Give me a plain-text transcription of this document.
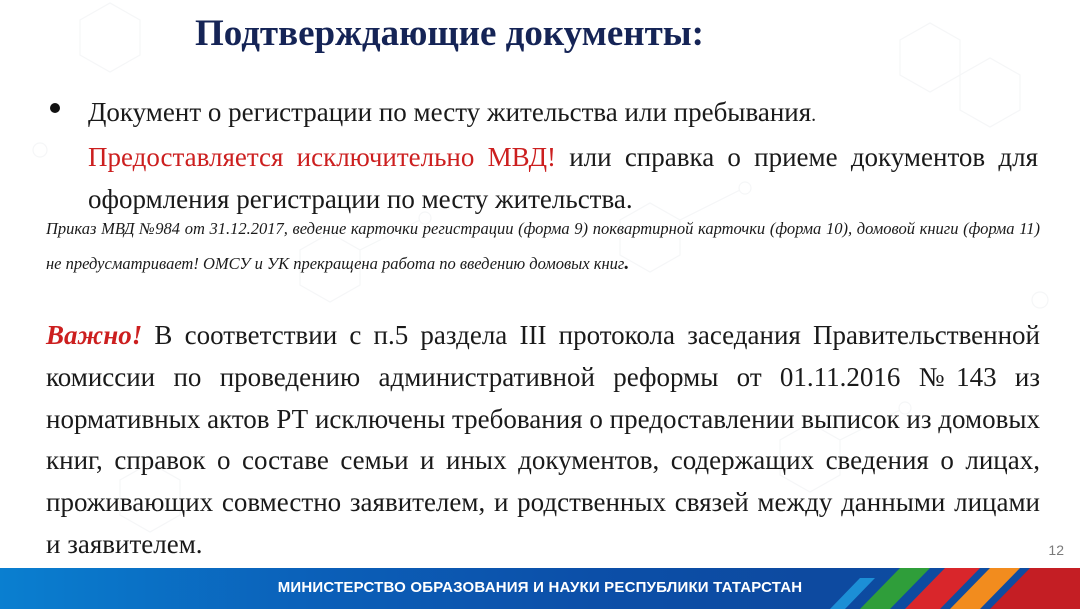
Подтверждающие документы:

Документ о регистрации по месту жительства или пребывания.
Предоставляется исключительно МВД! или справка о приеме документов для оформления регистрации по месту жительства.

Приказ МВД №984 от 31.12.2017, ведение карточки регистрации (форма 9) поквартирной карточки (форма 10), домовой книги (форма 11) не предусматривает! ОМСУ и УК прекращена работа по введению домовых книг.

Важно! В соответствии с п.5 раздела III протокола заседания Правительственной комиссии по проведению административной реформы от 01.11.2016 №143 из нормативных актов РТ исключены требования о предоставлении выписок из домовых книг, справок о составе семьи и иных документов, содержащих сведения о лицах, проживающих совместно заявителем, и родственных связей между данными лицами и заявителем.	12
МИНИСТЕРСТВО ОБРАЗОВАНИЯ И НАУКИ РЕСПУБЛИКИ ТАТАРСТАН
